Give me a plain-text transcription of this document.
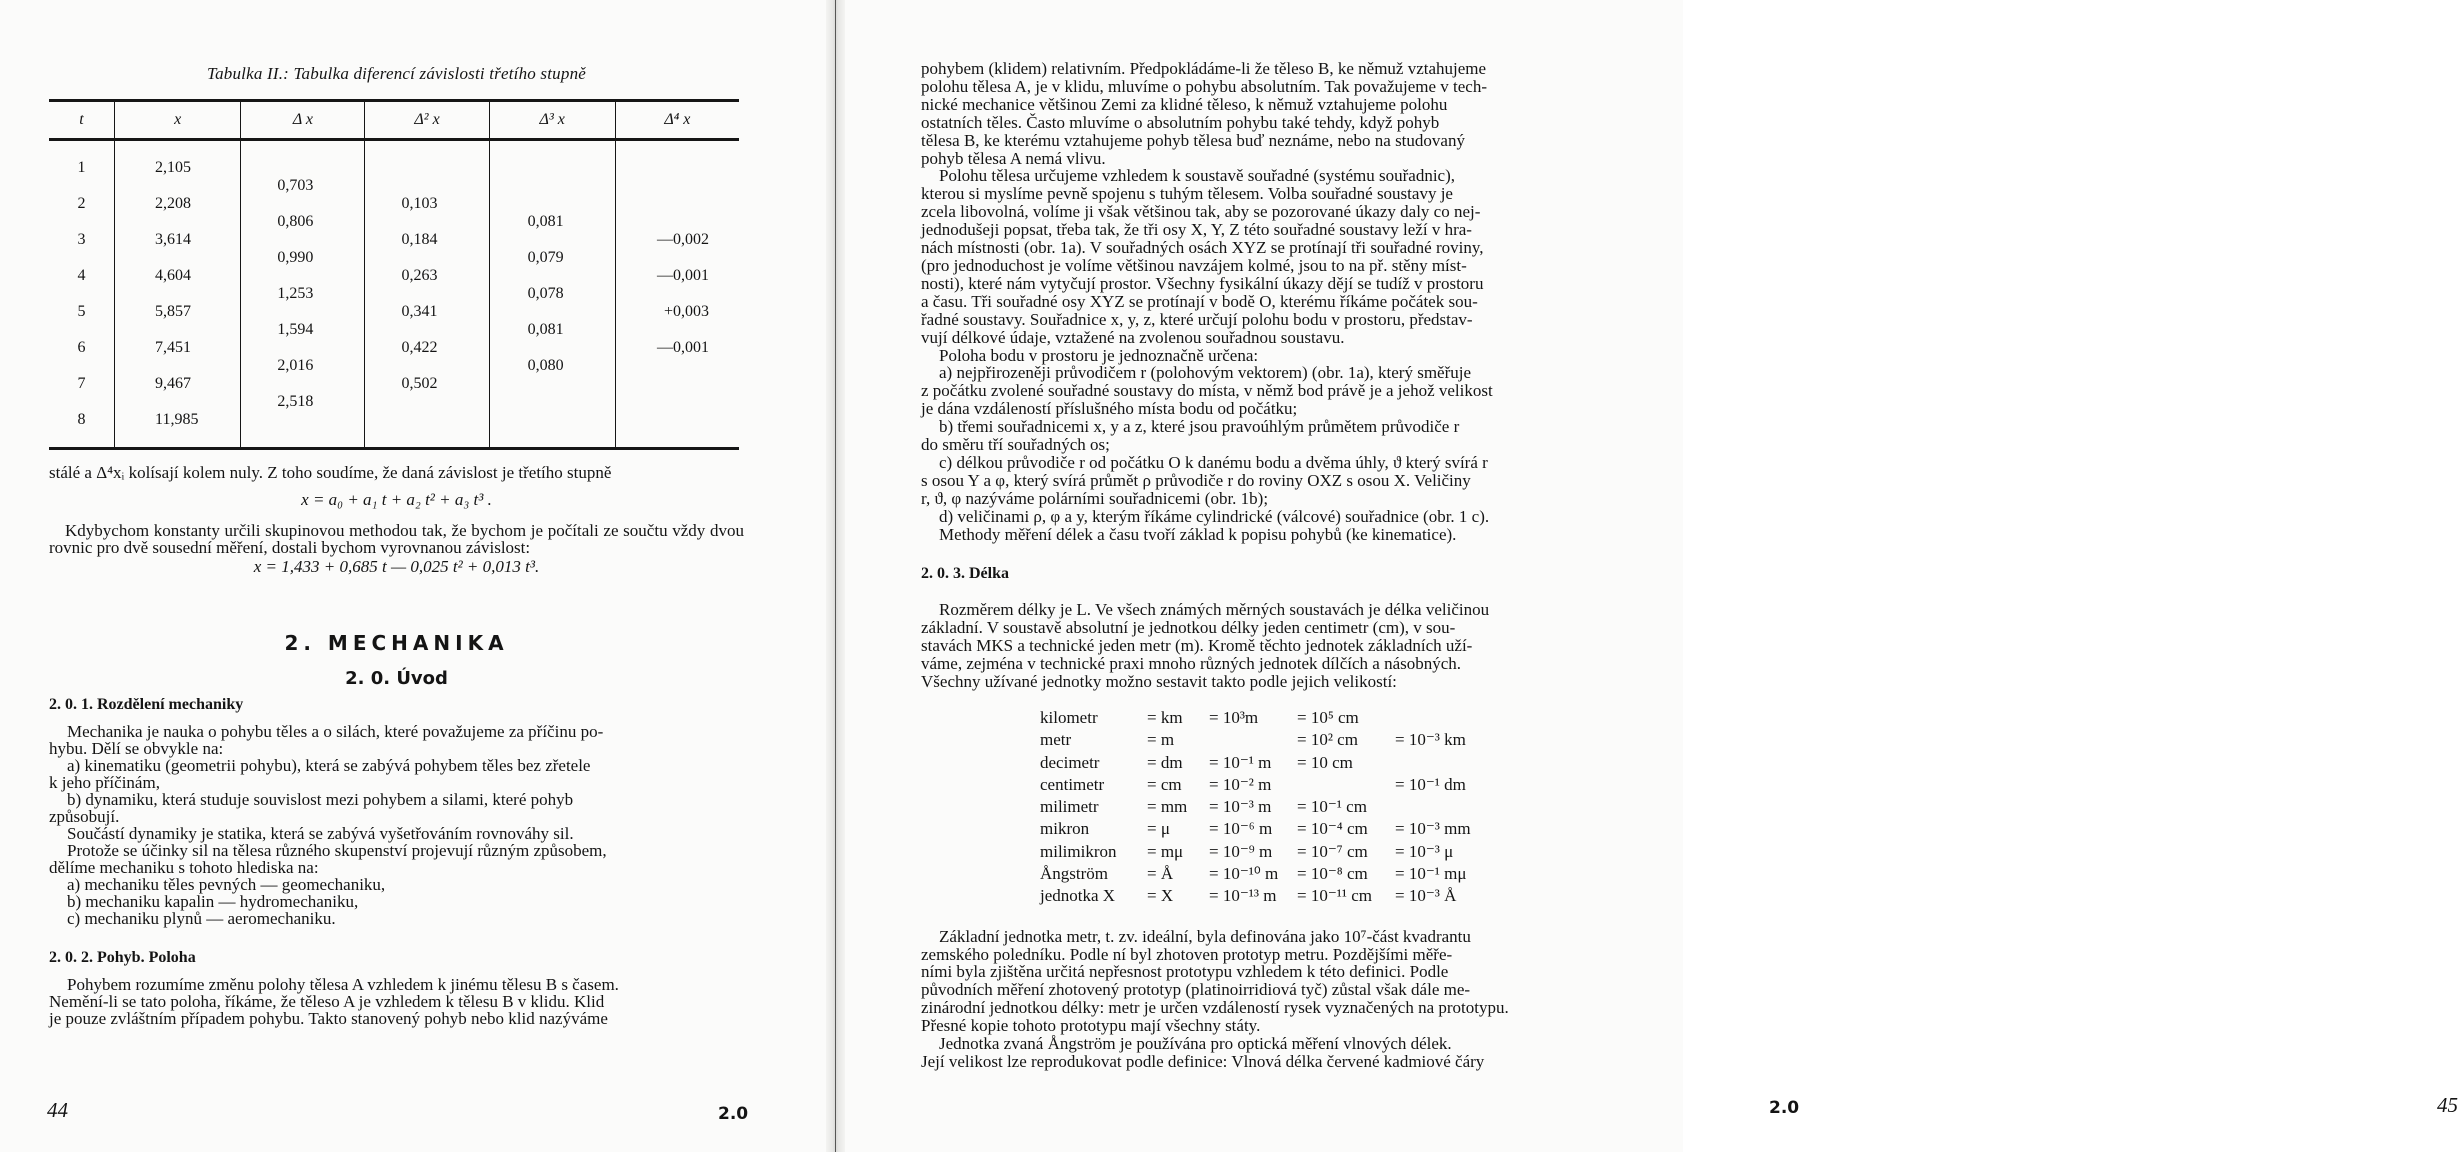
Tabulka II.: Tabulka diferencí závislosti třetího stupně

t	x	Δ x	Δ² x	Δ³ x	Δ⁴ x

1	2,105				
		0,703			
2	2,208		0,103		
		0,806		0,081	
3	3,614		0,184		—0,002
		0,990		0,079	
4	4,604		0,263		—0,001
		1,253		0,078	
5	5,857		0,341		+0,003
		1,594		0,081	
6	7,451		0,422		—0,001
		2,016		0,080	
7	9,467		0,502		
		2,518			
8	11,985				

stálé a Δ⁴xᵢ kolísají kolem nuly. Z toho soudíme, že daná závislost je třetího stupně

x = a₀ + a₁ t + a₂ t² + a₃ t³ .

Kdybychom konstanty určili skupinovou methodou tak, že bychom je počítali ze součtu vždy dvou rovnic pro dvě sousední měření, dostali bychom vyrovnanou závislost:

x = 1,433 + 0,685 t — 0,025 t² + 0,013 t³.

2. MECHANIKA

2. 0. Úvod

2. 0. 1. Rozdělení mechaniky

Mechanika je nauka o pohybu těles a o silách, které považujeme za příčinu po-

hybu. Dělí se obvykle na:

a) kinematiku (geometrii pohybu), která se zabývá pohybem těles bez zřetele

k jeho příčinám,

b) dynamiku, která studuje souvislost mezi pohybem a silami, které pohyb

způsobují.

Součástí dynamiky je statika, která se zabývá vyšetřováním rovnováhy sil.

Protože se účinky sil na tělesa různého skupenství projevují různým způsobem,

dělíme mechaniku s tohoto hlediska na:

a) mechaniku těles pevných — geomechaniku,

b) mechaniku kapalin — hydromechaniku,

c) mechaniku plynů — aeromechaniku.

2. 0. 2. Pohyb. Poloha

Pohybem rozumíme změnu polohy tělesa A vzhledem k jinému tělesu B s časem.

Nemění-li se tato poloha, říkáme, že těleso A je vzhledem k tělesu B v klidu. Klid

je pouze zvláštním případem pohybu. Takto stanovený pohyb nebo klid nazýváme

44	2.0

pohybem (klidem) relativním. Předpokládáme-li že těleso B, ke němuž vztahujeme

polohu tělesa A, je v klidu, mluvíme o pohybu absolutním. Tak považujeme v tech-

nické mechanice většinou Zemi za klidné těleso, k němuž vztahujeme polohu

ostatních těles. Často mluvíme o absolutním pohybu také tehdy, když pohyb

tělesa B, ke kterému vztahujeme pohyb tělesa buď neznáme, nebo na studovaný

pohyb tělesa A nemá vlivu.

Polohu tělesa určujeme vzhledem k soustavě souřadné (systému souřadnic),

kterou si myslíme pevně spojenu s tuhým tělesem. Volba souřadné soustavy je

zcela libovolná, volíme ji však většinou tak, aby se pozorované úkazy daly co nej-

jednodušeji popsat, třeba tak, že tři osy X, Y, Z této souřadné soustavy leží v hra-

nách místnosti (obr. 1a). V souřadných osách XYZ se protínají tři souřadné roviny,

(pro jednoduchost je volíme většinou navzájem kolmé, jsou to na př. stěny míst-

nosti), které nám vytyčují prostor. Všechny fysikální úkazy dějí se tudíž v prostoru

a času. Tři souřadné osy XYZ se protínají v bodě O, kterému říkáme počátek sou-

řadné soustavy. Souřadnice x, y, z, které určují polohu bodu v prostoru, představ-

vují délkové údaje, vztažené na zvolenou souřadnou soustavu.

Poloha bodu v prostoru je jednoznačně určena:

a) nejpřirozeněji průvodičem r (polohovým vektorem) (obr. 1a), který směřuje

z počátku zvolené souřadné soustavy do místa, v němž bod právě je a jehož velikost

je dána vzdáleností příslušného místa bodu od počátku;

b) třemi souřadnicemi x, y a z, které jsou pravoúhlým průmětem průvodiče r

do směru tří souřadných os;

c) délkou průvodiče r od počátku O k danému bodu a dvěma úhly, ϑ který svírá r

s osou Y a φ, který svírá průmět ρ průvodiče r do roviny OXZ s osou X. Veličiny

r, ϑ, φ nazýváme polárními souřadnicemi (obr. 1b);

d) veličinami ρ, φ a y, kterým říkáme cylindrické (válcové) souřadnice (obr. 1 c).

Methody měření délek a času tvoří základ k popisu pohybů (ke kinematice).

2. 0. 3. Délka

Rozměrem délky je L. Ve všech známých měrných soustavách je délka veličinou

základní. V soustavě absolutní je jednotkou délky jeden centimetr (cm), v sou-

stavách MKS a technické jeden metr (m). Kromě těchto jednotek základních uží-

váme, zejména v technické praxi mnoho různých jednotek dílčích a násobných.

Všechny užívané jednotky možno sestavit takto podle jejich velikostí:

kilometr	= km	= 10³m	= 10⁵ cm	
metr	= m		= 10² cm	= 10⁻³ km
decimetr	= dm	= 10⁻¹ m	= 10 cm	
centimetr	= cm	= 10⁻² m		= 10⁻¹ dm
milimetr	= mm	= 10⁻³ m	= 10⁻¹ cm	
mikron	= μ	= 10⁻⁶ m	= 10⁻⁴ cm	= 10⁻³ mm
milimikron	= mμ	= 10⁻⁹ m	= 10⁻⁷ cm	= 10⁻³ μ
Ångström	= Å	= 10⁻¹⁰ m	= 10⁻⁸ cm	= 10⁻¹ mμ
jednotka X	= X	= 10⁻¹³ m	= 10⁻¹¹ cm	= 10⁻³ Å

Základní jednotka metr, t. zv. ideální, byla definována jako 10⁷-část kvadrantu

zemského poledníku. Podle ní byl zhotoven prototyp metru. Pozdějšími měře-

ními byla zjištěna určitá nepřesnost prototypu vzhledem k této definici. Podle

původních měření zhotovený prototyp (platinoirridiová tyč) zůstal však dále me-

zinárodní jednotkou délky: metr je určen vzdáleností rysek vyznačených na prototypu.

Přesné kopie tohoto prototypu mají všechny státy.

Jednotka zvaná Ångström je používána pro optická měření vlnových délek.

Její velikost lze reprodukovat podle definice: Vlnová délka červené kadmiové čáry

2.0	45
